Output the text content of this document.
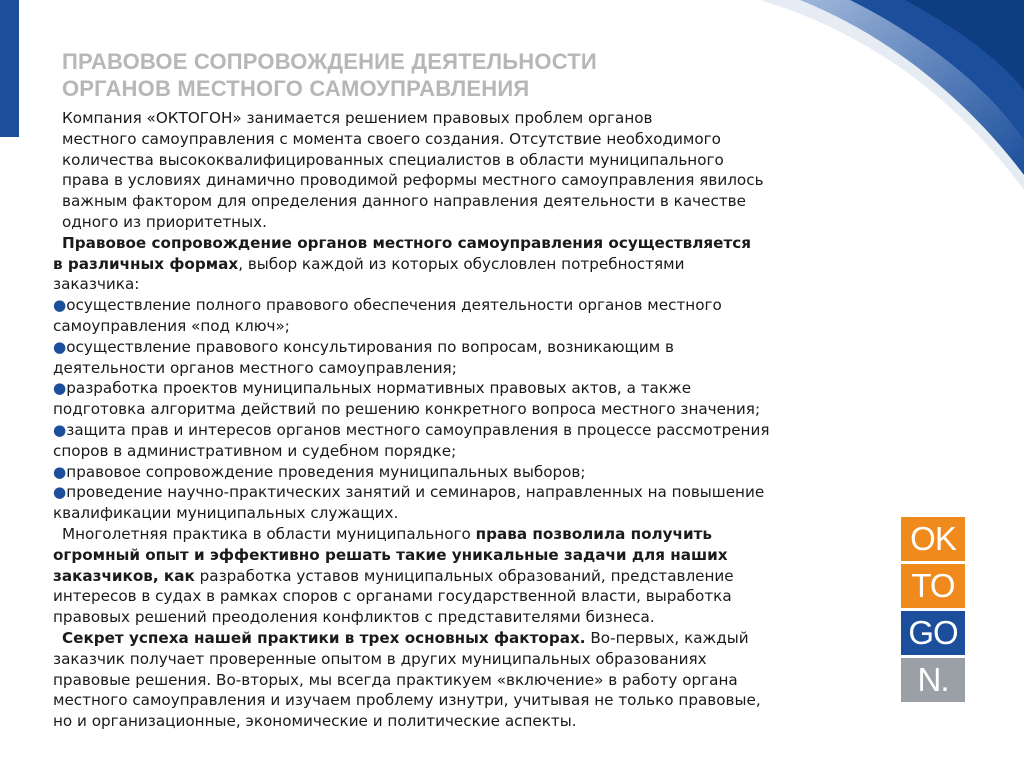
ПРАВОВОЕ СОПРОВОЖДЕНИЕ ДЕЯТЕЛЬНОСТИ
ОРГАНОВ МЕСТНОГО САМОУПРАВЛЕНИЯ

Компания «ОКТОГОН» занимается решением правовых проблем органов
местного самоуправления с момента своего создания. Отсутствие необходимого
количества высококвалифицированных специалистов в области муниципального
права в условиях динамично проводимой реформы местного самоуправления явилось
важным фактором для определения данного направления деятельности в качестве
одного из приоритетных.

Правовое сопровождение органов местного самоуправления осуществляется
в различных формах, выбор каждой из которых обусловлен потребностями
заказчика:

●осуществление полного правового обеспечения деятельности органов местного
самоуправления «под ключ»;

●осуществление правового консультирования по вопросам, возникающим в
деятельности органов местного самоуправления;

●разработка проектов муниципальных нормативных правовых актов, а также
подготовка алгоритма действий по решению конкретного вопроса местного значения;

●защита прав и интересов органов местного самоуправления в процессе рассмотрения
споров в административном и судебном порядке;

●правовое сопровождение проведения муниципальных выборов;

●проведение научно-практических занятий и семинаров, направленных на повышение
квалификации муниципальных служащих.

Многолетняя практика в области муниципального права позволила получить
огромный опыт и эффективно решать такие уникальные задачи для наших
заказчиков, как разработка уставов муниципальных образований, представление
интересов в судах в рамках споров с органами государственной власти, выработка
правовых решений преодоления конфликтов с представителями бизнеса.

Секрет успеха нашей практики в трех основных факторах. Во-первых, каждый
заказчик получает проверенные опытом в других муниципальных образованиях
правовые решения. Во-вторых, мы всегда практикуем «включение» в работу органа
местного самоуправления и изучаем проблему изнутри, учитывая не только правовые,
но и организационные, экономические и политические аспекты.

OK
TO
GO
N.
